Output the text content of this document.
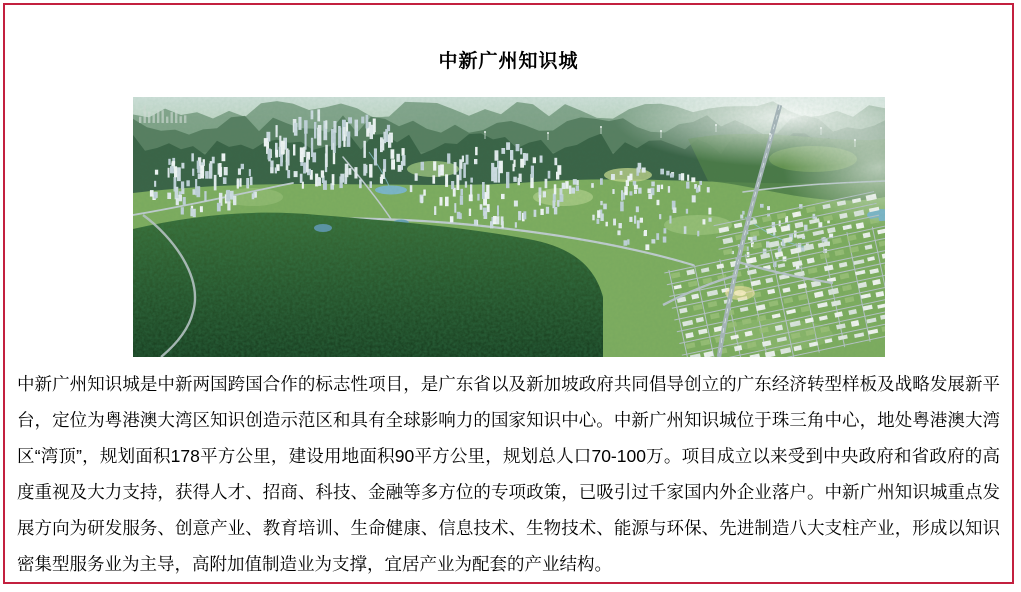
中新广州知识城

中新广州知识城是中新两国跨国合作的标志性项目，是广东省以及新加坡政府共同倡导创立的广东经济转型样板及战略发展新平台，定位为粤港澳大湾区知识创造示范区和具有全球影响力的国家知识中心。中新广州知识城位于珠三角中心，地处粤港澳大湾区“湾顶”，规划面积178平方公里，建设用地面积90平方公里，规划总人口70-100万。项目成立以来受到中央政府和省政府的高度重视及大力支持，获得人才、招商、科技、金融等多方位的专项政策，已吸引过千家国内外企业落户。中新广州知识城重点发展方向为研发服务、创意产业、教育培训、生命健康、信息技术、生物技术、能源与环保、先进制造八大支柱产业，形成以知识密集型服务业为主导，高附加值制造业为支撑，宜居产业为配套的产业结构。
